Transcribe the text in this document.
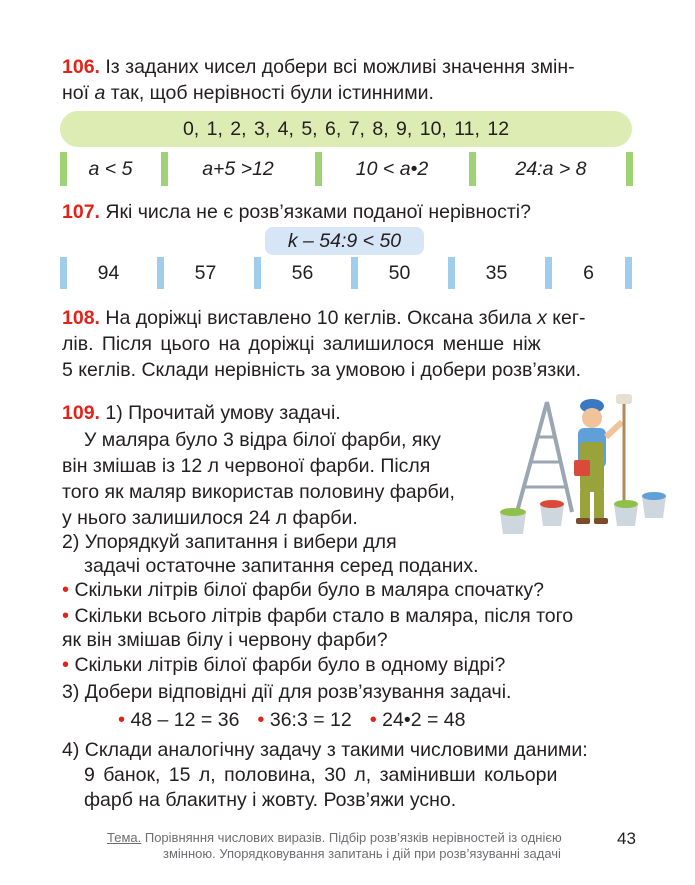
106. Із заданих чисел добери всі можливі значення змін-
ної a так, щоб нерівності були істинними.
0, 1, 2, 3, 4, 5, 6, 7, 8, 9, 10, 11, 12
a < 5	a+5 >12	10 < a•2	24:a > 8
107. Які числа не є розв’язками поданої нерівності?
k – 54:9 < 50
94	57	56	50	35	6
108. На доріжці виставлено 10 кеглів. Оксана збила x кег-
лів. Після цього на доріжці залишилося менше ніж
5 кеглів. Склади нерівність за умовою і добери розв’язки.
109. 1) Прочитай умову задачі.
У маляра було 3 відра білої фарби, яку
він змішав із 12 л червоної фарби. Після
того як маляр використав половину фарби,
у нього залишилося 24 л фарби.
2) Упорядкуй запитання і вибери для
задачі остаточне запитання серед поданих.
• Скільки літрів білої фарби було в маляра спочатку?
• Скільки всього літрів фарби стало в маляра, після того
як він змішав білу і червону фарби?
• Скільки літрів білої фарби було в одному відрі?
3) Добери відповідні дії для розв’язування задачі.
• 48 – 12 = 36 • 36:3 = 12 • 24•2 = 48
4) Склади аналогічну задачу з такими числовими даними:
9 банок, 15 л, половина, 30 л, замінивши кольори
фарб на блакитну і жовту. Розв’яжи усно.
Тема. Порівняння числових виразів. Підбір розв’язків нерівностей із однією
змінною. Упорядковування запитань і дій при розв’язуванні задачі
43
